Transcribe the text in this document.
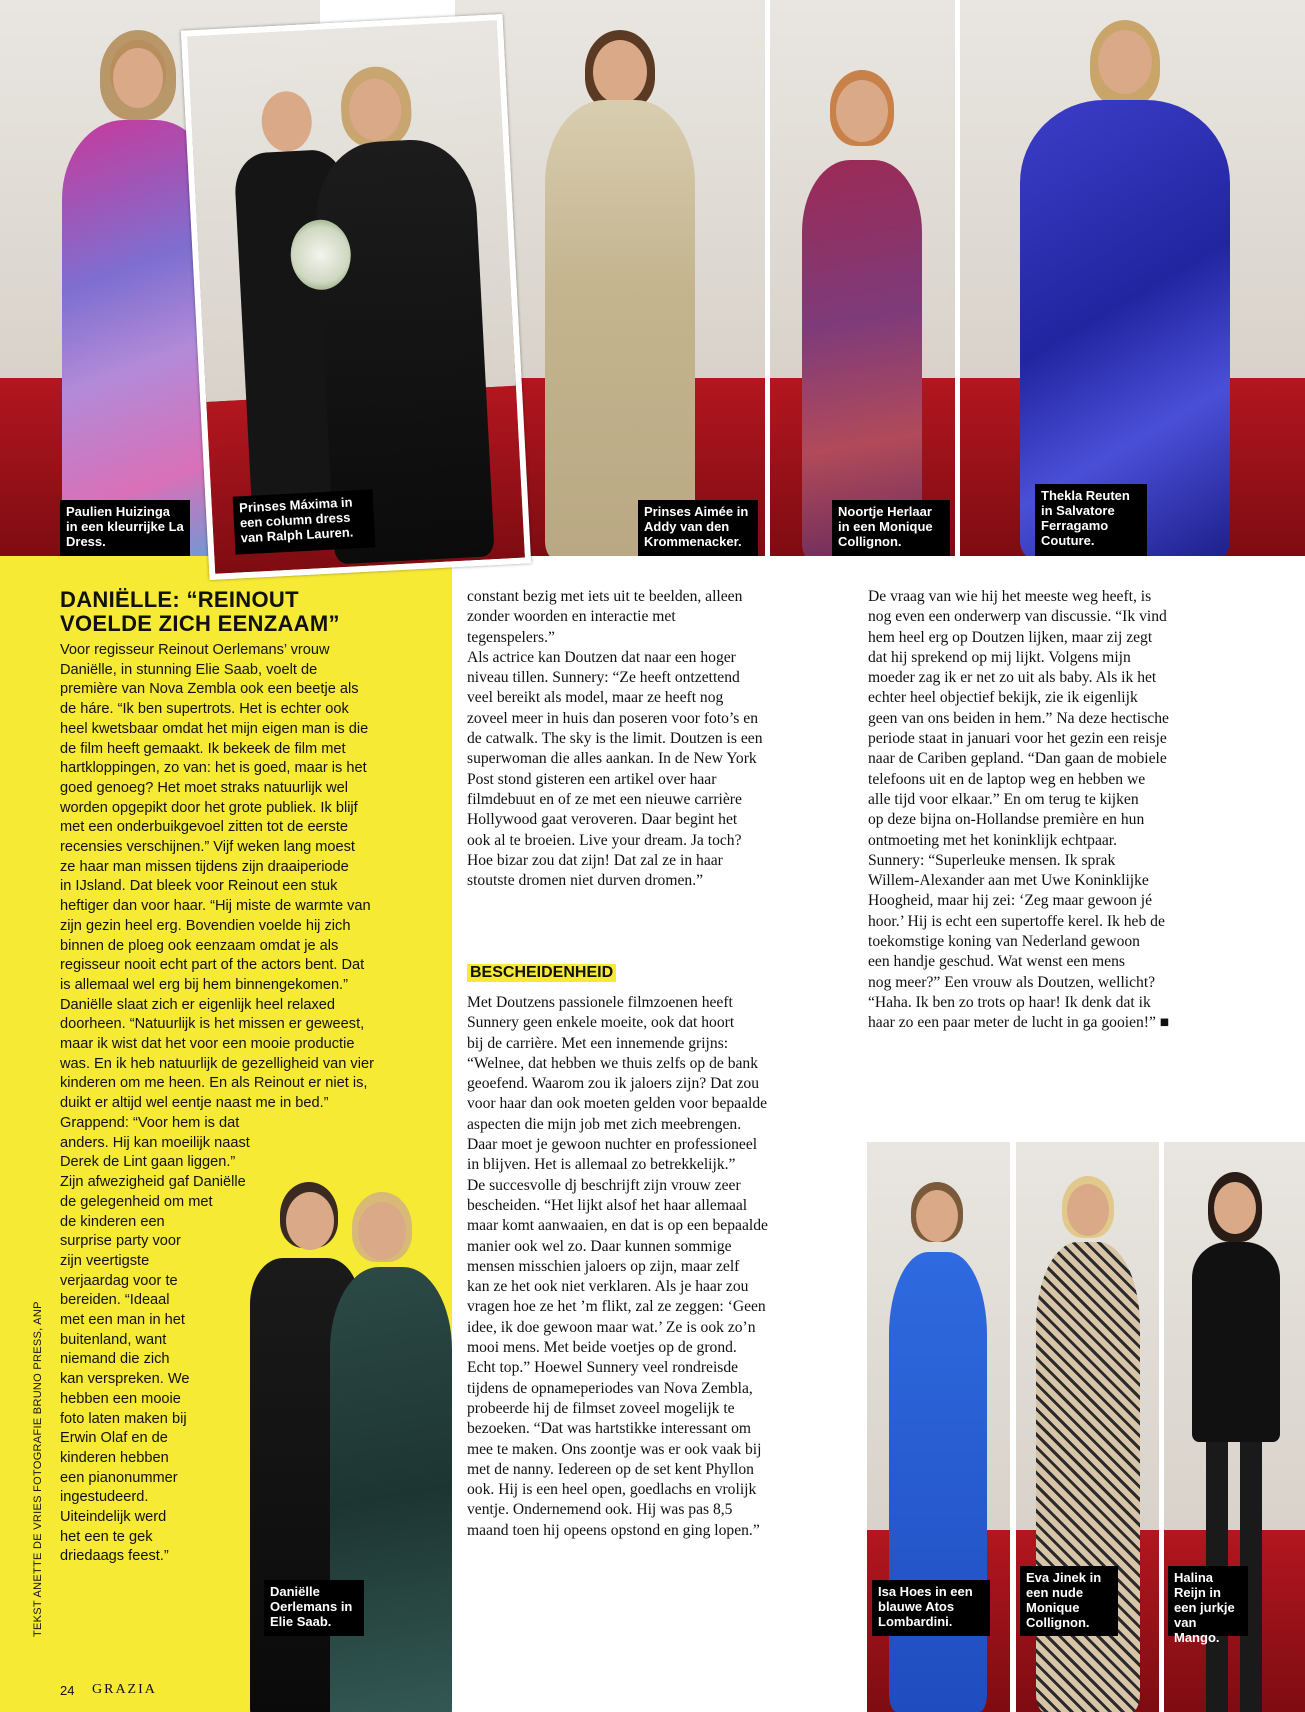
Paulien Huizinga in een kleurrijke La Dress.
Prinses Máxima in een column dress van Ralph Lauren.
Prinses Aimée in Addy van den Krommenacker.
Noortje Herlaar in een Monique Collignon.
Thekla Reuten in Salvatore Ferragamo Couture.
DANIËLLE: “REINOUT
VOELDE ZICH EENZAAM”
Voor regisseur Reinout Oerlemans’ vrouw
Daniëlle, in stunning Elie Saab, voelt de
première van Nova Zembla ook een beetje als
de háre. “Ik ben supertrots. Het is echter ook
heel kwetsbaar omdat het mijn eigen man is die
de film heeft gemaakt. Ik bekeek de film met
hartkloppingen, zo van: het is goed, maar is het
goed genoeg? Het moet straks natuurlijk wel
worden opgepikt door het grote publiek. Ik blijf
met een onderbuikgevoel zitten tot de eerste
recensies verschijnen.” Vijf weken lang moest
ze haar man missen tijdens zijn draaiperiode
in IJsland. Dat bleek voor Reinout een stuk
heftiger dan voor haar. “Hij miste de warmte van
zijn gezin heel erg. Bovendien voelde hij zich
binnen de ploeg ook eenzaam omdat je als
regisseur nooit echt part of the actors bent. Dat
is allemaal wel erg bij hem binnengekomen.”
Daniëlle slaat zich er eigenlijk heel relaxed
doorheen. “Natuurlijk is het missen er geweest,
maar ik wist dat het voor een mooie productie
was. En ik heb natuurlijk de gezelligheid van vier
kinderen om me heen. En als Reinout er niet is,
duikt er altijd wel eentje naast me in bed.”
Grappend: “Voor hem is dat
anders. Hij kan moeilijk naast
Derek de Lint gaan liggen.”
Zijn afwezigheid gaf Daniëlle
de gelegenheid om met
de kinderen een
surprise party voor
zijn veertigste
verjaardag voor te
bereiden. “Ideaal
met een man in het
buitenland, want
niemand die zich
kan verspreken. We
hebben een mooie
foto laten maken bij
Erwin Olaf en de
kinderen hebben
een pianonummer
ingestudeerd.
Uiteindelijk werd
het een te gek
driedaags feest.”
Daniëlle Oerlemans in Elie Saab.
constant bezig met iets uit te beelden, alleen
zonder woorden en interactie met
tegenspelers.”
Als actrice kan Doutzen dat naar een hoger
niveau tillen. Sunnery: “Ze heeft ontzettend
veel bereikt als model, maar ze heeft nog
zoveel meer in huis dan poseren voor foto’s en
de catwalk. The sky is the limit. Doutzen is een
superwoman die alles aankan. In de New York
Post stond gisteren een artikel over haar
filmdebuut en of ze met een nieuwe carrière
Hollywood gaat veroveren. Daar begint het
ook al te broeien. Live your dream. Ja toch?
Hoe bizar zou dat zijn! Dat zal ze in haar
stoutste dromen niet durven dromen.”
BESCHEIDENHEID
Met Doutzens passionele filmzoenen heeft
Sunnery geen enkele moeite, ook dat hoort
bij de carrière. Met een innemende grijns:
“Welnee, dat hebben we thuis zelfs op de bank
geoefend. Waarom zou ik jaloers zijn? Dat zou
voor haar dan ook moeten gelden voor bepaalde
aspecten die mijn job met zich meebrengen.
Daar moet je gewoon nuchter en professioneel
in blijven. Het is allemaal zo betrekkelijk.”
De succesvolle dj beschrijft zijn vrouw zeer
bescheiden. “Het lijkt alsof het haar allemaal
maar komt aanwaaien, en dat is op een bepaalde
manier ook wel zo. Daar kunnen sommige
mensen misschien jaloers op zijn, maar zelf
kan ze het ook niet verklaren. Als je haar zou
vragen hoe ze het ’m flikt, zal ze zeggen: ‘Geen
idee, ik doe gewoon maar wat.’ Ze is ook zo’n
mooi mens. Met beide voetjes op de grond.
Echt top.” Hoewel Sunnery veel rondreisde
tijdens de opnameperiodes van Nova Zembla,
probeerde hij de filmset zoveel mogelijk te
bezoeken. “Dat was hartstikke interessant om
mee te maken. Ons zoontje was er ook vaak bij
met de nanny. Iedereen op de set kent Phyllon
ook. Hij is een heel open, goedlachs en vrolijk
ventje. Ondernemend ook. Hij was pas 8,5
maand toen hij opeens opstond en ging lopen.”
De vraag van wie hij het meeste weg heeft, is
nog even een onderwerp van discussie. “Ik vind
hem heel erg op Doutzen lijken, maar zij zegt
dat hij sprekend op mij lijkt. Volgens mijn
moeder zag ik er net zo uit als baby. Als ik het
echter heel objectief bekijk, zie ik eigenlijk
geen van ons beiden in hem.” Na deze hectische
periode staat in januari voor het gezin een reisje
naar de Cariben gepland. “Dan gaan de mobiele
telefoons uit en de laptop weg en hebben we
alle tijd voor elkaar.” En om terug te kijken
op deze bijna on-Hollandse première en hun
ontmoeting met het koninklijk echtpaar.
Sunnery: “Superleuke mensen. Ik sprak
Willem-Alexander aan met Uwe Koninklijke
Hoogheid, maar hij zei: ‘Zeg maar gewoon jé
hoor.’ Hij is echt een supertoffe kerel. Ik heb de
toekomstige koning van Nederland gewoon
een handje geschud. Wat wenst een mens
nog meer?” Een vrouw als Doutzen, wellicht?
“Haha. Ik ben zo trots op haar! Ik denk dat ik
haar zo een paar meter de lucht in ga gooien!” ■
Isa Hoes in een blauwe Atos Lombardini.
Eva Jinek in een nude Monique Collignon.
Halina Reijn in een jurkje van Mango.
TEKST ANETTE DE VRIES FOTOGRAFIE BRUNO PRESS, ANP
24 GRAZIA
